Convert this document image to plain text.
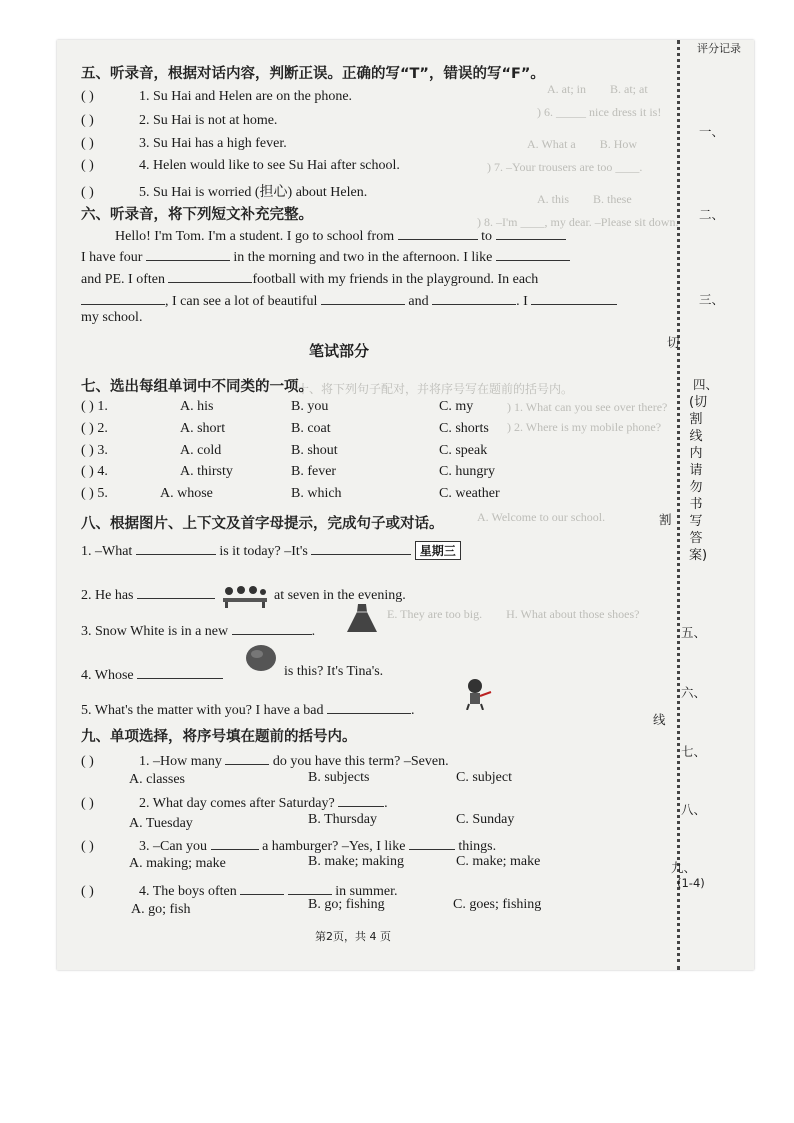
A. at; in　　B. at; at
) 6. _____ nice dress it is!
A. What a　　B. How
) 7. –Your trousers are too ____.
A. this　　B. these
) 8. –I'm ____, my dear. –Please sit down.
十、将下列句子配对，并将序号写在题前的括号内。
) 1. What can you see over there?
) 2. Where is my mobile phone?
A. Welcome to our school.
E. They are too big.　　H. What about those shoes?
五、听录音，根据对话内容，判断正误。正确的写“T”，错误的写“F”。
( )	1. Su Hai and Helen are on the phone.
( )	2. Su Hai is not at home.
( )	3. Su Hai has a high fever.
( )	4. Helen would like to see Su Hai after school.
( )	5. Su Hai is worried (担心) about Helen.
六、听录音，将下列短文补充完整。
Hello! I'm Tom. I'm a student. I go to school from	to
I have four	in the morning and two in the afternoon. I like
and PE. I often	football with my friends in the playground. In each
, I can see a lot of beautiful	and	. I
my school.
笔试部分
七、选出每组单词中不同类的一项。
( ) 1.	A. his	B. you	C. my
( ) 2.	A. short	B. coat	C. shorts
( ) 3.	A. cold	B. shout	C. speak
( ) 4.	A. thirsty	B. fever	C. hungry
( ) 5.	A. whose	B. which	C. weather
八、根据图片、上下文及首字母提示，完成句子或对话。
1. –What	is it today? –It's	星期三
2. He has	at seven in the evening.
3. Snow White is in a new	.
4. Whose	is this? It's Tina's.
5. What's the matter with you? I have a bad	.
九、单项选择，将序号填在题前的括号内。
( )	1. –How many	do you have this term? –Seven.
A. classes	B. subjects	C. subject
( )	2. What day comes after Saturday?	.
A. Tuesday	B. Thursday	C. Sunday
( )	3. –Can you	a hamburger? –Yes, I like	things.
A. making; make	B. make; making	C. make; make
( )	4. The boys often	in summer.
A. go; fish	B. go; fishing	C. goes; fishing
第2页，共 4 页
评分记录
一、
二、
三、
切
四、
(切割线内请勿书写答案)
割
五、
线
六、
七、
八、
九、
(1-4)
